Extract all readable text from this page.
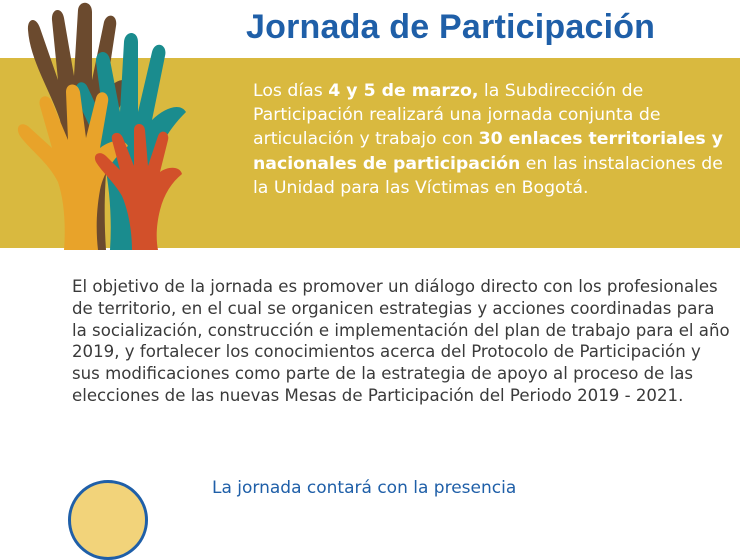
Jornada de Participación

Los días 4 y 5 de marzo, la Subdirección de Participación realizará una jornada conjunta de articulación y trabajo con 30 enlaces territoriales y nacionales de participación en las instalaciones de la Unidad para las Víctimas en Bogotá.

El objetivo de la jornada es promover un diálogo directo con los profesionales de territorio, en el cual se organicen estrategias y acciones coordinadas para la socialización, construcción e implementación del plan de trabajo para el año 2019, y fortalecer los conocimientos acerca del Protocolo de Participación y sus modificaciones como parte de la estrategia de apoyo al proceso de las elecciones de las nuevas Mesas de Participación del Periodo 2019 - 2021.

La jornada contará con la presencia
